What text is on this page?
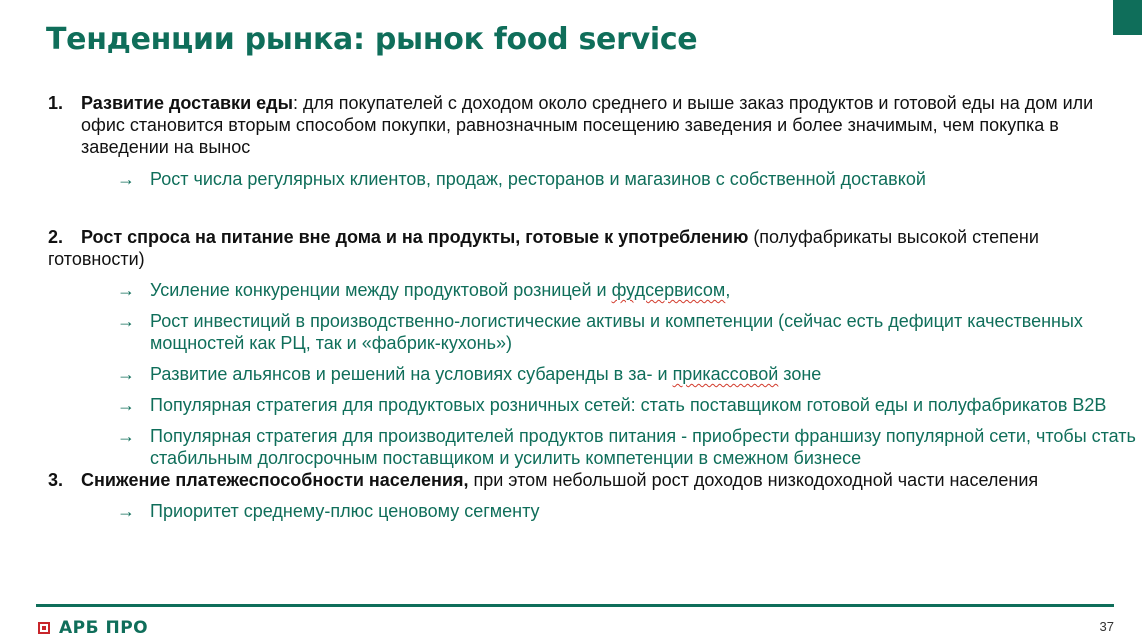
Тенденции рынка: рынок food service
1. Развитие доставки еды: для покупателей с доходом около среднего и выше заказ продуктов и готовой еды на дом или офис становится вторым способом покупки, равнозначным посещению заведения и более значимым, чем покупка в заведении на вынос
→ Рост числа регулярных клиентов, продаж, ресторанов и магазинов с собственной доставкой
2. Рост спроса на питание вне дома и на продукты, готовые к употреблению (полуфабрикаты высокой степени готовности)
→ Усиление конкуренции между продуктовой розницей и фудсервисом,
→ Рост инвестиций в производственно-логистические активы и компетенции (сейчас есть дефицит качественных мощностей как РЦ, так и «фабрик-кухонь»)
→ Развитие альянсов и решений на условиях субаренды в за- и прикассовой зоне
→ Популярная стратегия для продуктовых розничных сетей: стать поставщиком готовой еды и полуфабрикатов B2B
→ Популярная стратегия для производителей продуктов питания - приобрести франшизу популярной сети, чтобы стать стабильным долгосрочным поставщиком и усилить компетенции в смежном бизнесе
3. Снижение платежеспособности населения, при этом небольшой рост доходов низкодоходной части населения
→ Приоритет среднему-плюс ценовому сегменту
АРБ ПРО	37
